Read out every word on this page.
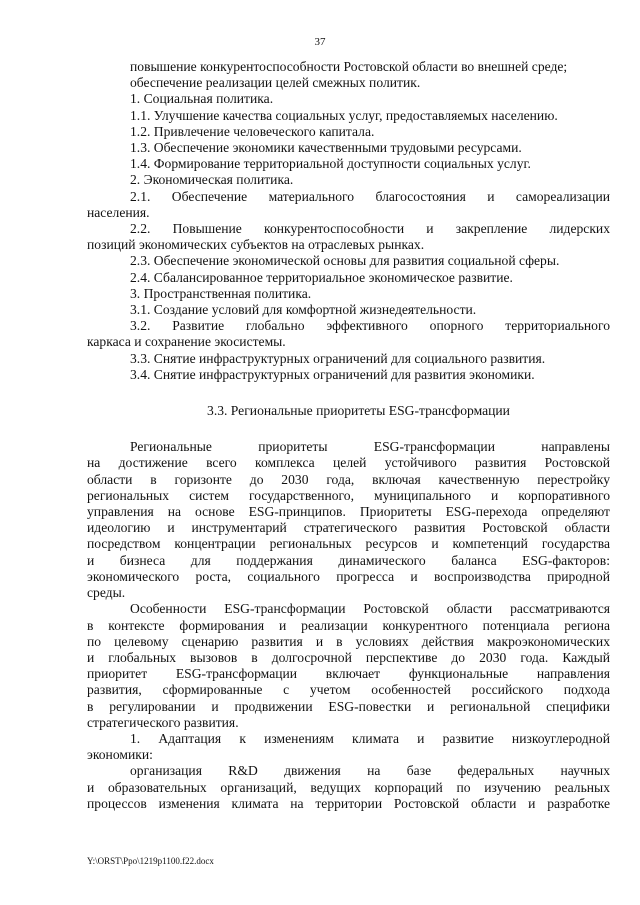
37
повышение конкурентоспособности Ростовской области во внешней среде;
обеспечение реализации целей смежных политик.
1. Социальная политика.
1.1. Улучшение качества социальных услуг, предоставляемых населению.
1.2. Привлечение человеческого капитала.
1.3. Обеспечение экономики качественными трудовыми ресурсами.
1.4. Формирование территориальной доступности социальных услуг.
2. Экономическая политика.
2.1. Обеспечение материального благосостояния и самореализации
населения.
2.2. Повышение конкурентоспособности и закрепление лидерских
позиций экономических субъектов на отраслевых рынках.
2.3. Обеспечение экономической основы для развития социальной сферы.
2.4. Сбалансированное территориальное экономическое развитие.
3. Пространственная политика.
3.1. Создание условий для комфортной жизнедеятельности.
3.2. Развитие глобально эффективного опорного территориального
каркаса и сохранение экосистемы.
3.3. Снятие инфраструктурных ограничений для социального развития.
3.4. Снятие инфраструктурных ограничений для развития экономики.
3.3. Региональные приоритеты ESG-трансформации
Региональные приоритеты ESG-трансформации направлены
на достижение всего комплекса целей устойчивого развития Ростовской
области в горизонте до 2030 года, включая качественную перестройку
региональных систем государственного, муниципального и корпоративного
управления на основе ESG-принципов. Приоритеты ESG-перехода определяют
идеологию и инструментарий стратегического развития Ростовской области
посредством концентрации региональных ресурсов и компетенций государства
и бизнеса для поддержания динамического баланса ESG-факторов:
экономического роста, социального прогресса и воспроизводства природной
среды.
Особенности ESG-трансформации Ростовской области рассматриваются
в контексте формирования и реализации конкурентного потенциала региона
по целевому сценарию развития и в условиях действия макроэкономических
и глобальных вызовов в долгосрочной перспективе до 2030 года. Каждый
приоритет ESG-трансформации включает функциональные направления
развития, сформированные с учетом особенностей российского подхода
в регулировании и продвижении ESG-повестки и региональной специфики
стратегического развития.
1. Адаптация к изменениям климата и развитие низкоуглеродной
экономики:
организация R&D движения на базе федеральных научных
и образовательных организаций, ведущих корпораций по изучению реальных
процессов изменения климата на территории Ростовской области и разработке
Y:\ORST\Ppo\1219p1100.f22.docx
